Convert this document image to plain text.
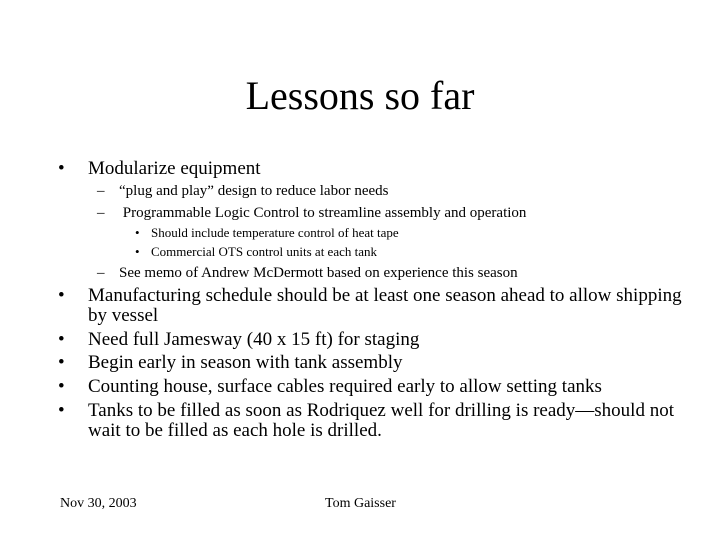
Lessons so far
• Modularize equipment
– “plug and play” design to reduce labor needs
– Programmable Logic Control to streamline assembly and operation
• Should include temperature control of heat tape
• Commercial OTS control units at each tank
– See memo of Andrew McDermott based on experience this season
• Manufacturing schedule should be at least one season ahead to allow shipping by vessel
• Need full Jamesway (40 x 15 ft) for staging
• Begin early in season with tank assembly
• Counting house, surface cables required early to allow setting tanks
• Tanks to be filled as soon as Rodriquez well for drilling is ready—should not wait to be filled as each hole is drilled.
Nov 30, 2003	Tom Gaisser
